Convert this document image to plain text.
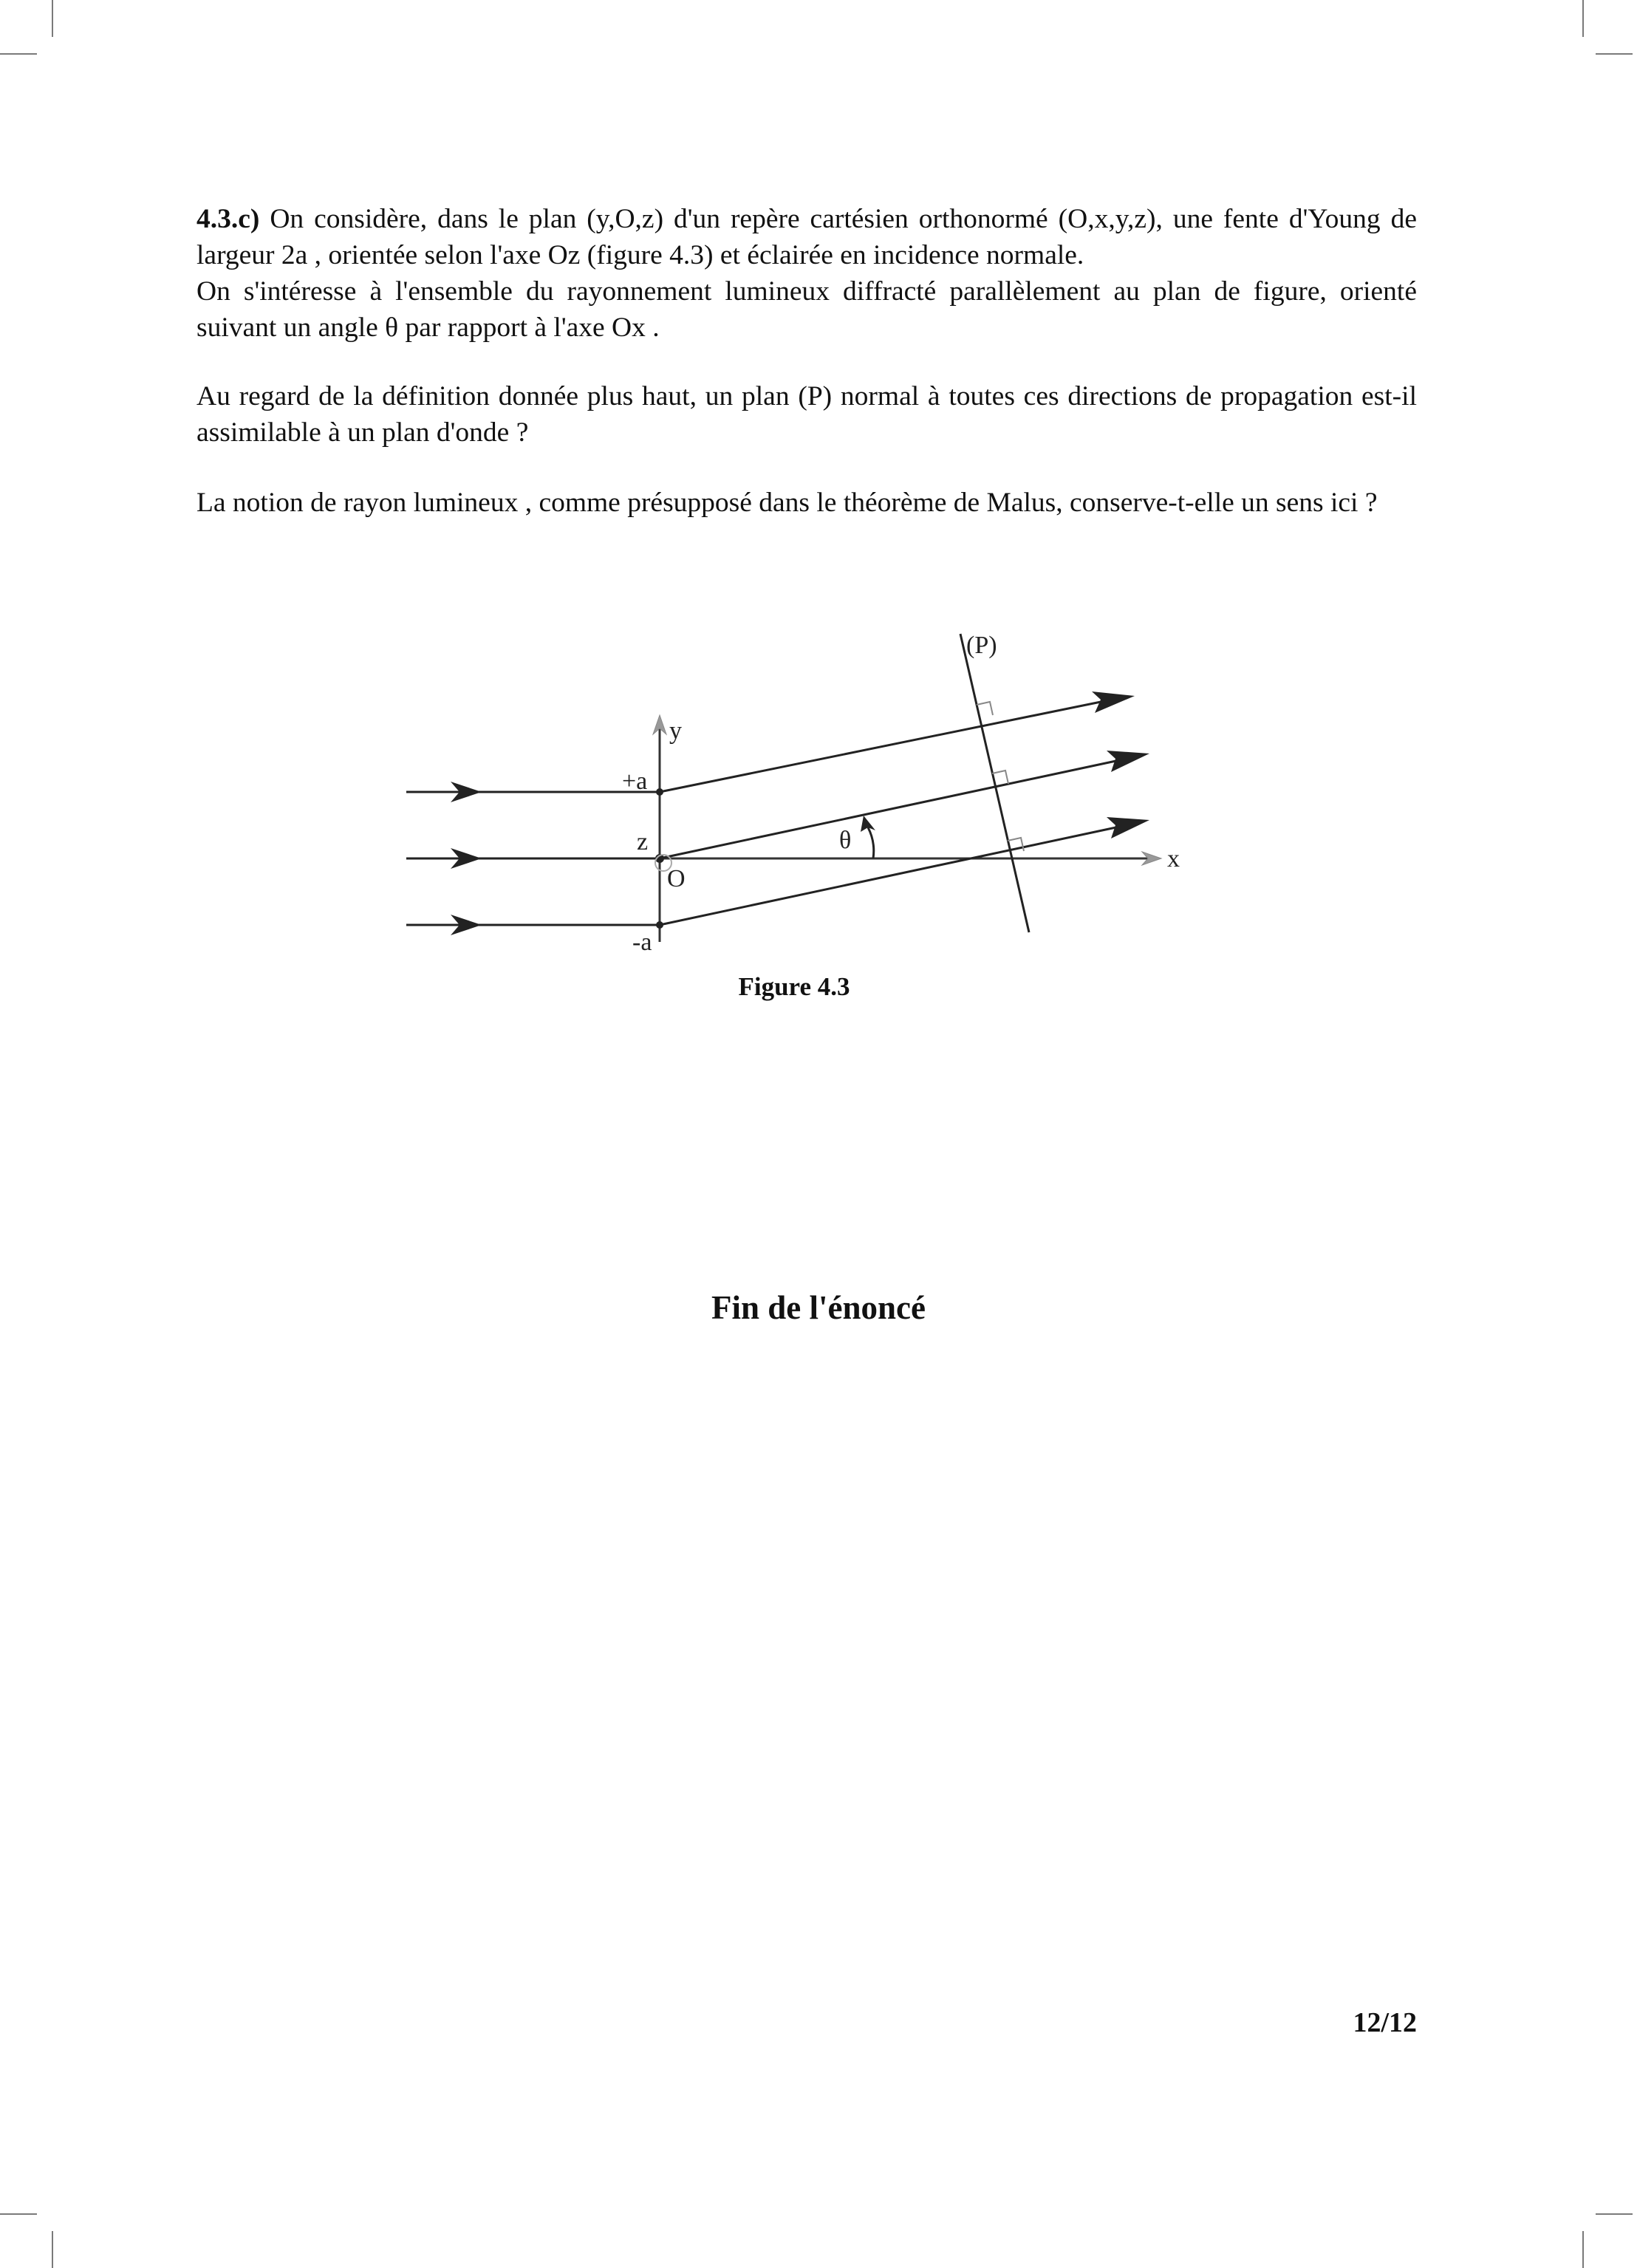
4.3.c) On considère, dans le plan (y,O,z) d'un repère cartésien orthonormé (O,x,y,z), une fente d'Young de largeur 2a , orientée selon l'axe Oz (figure 4.3) et éclairée en incidence normale.
On s'intéresse à l'ensemble du rayonnement lumineux diffracté parallèlement au plan de figure, orienté suivant un angle θ par rapport à l'axe Ox .

Au regard de la définition donnée plus haut, un plan (P) normal à toutes ces directions de propagation est-il assimilable à un plan d'onde ?

La notion de rayon lumineux , comme présupposé dans le théorème de Malus, conserve-t-elle un sens ici ?

(P)
y
+a
z
O
-a
θ
x
Figure 4.3
Fin de l'énoncé
12/12
